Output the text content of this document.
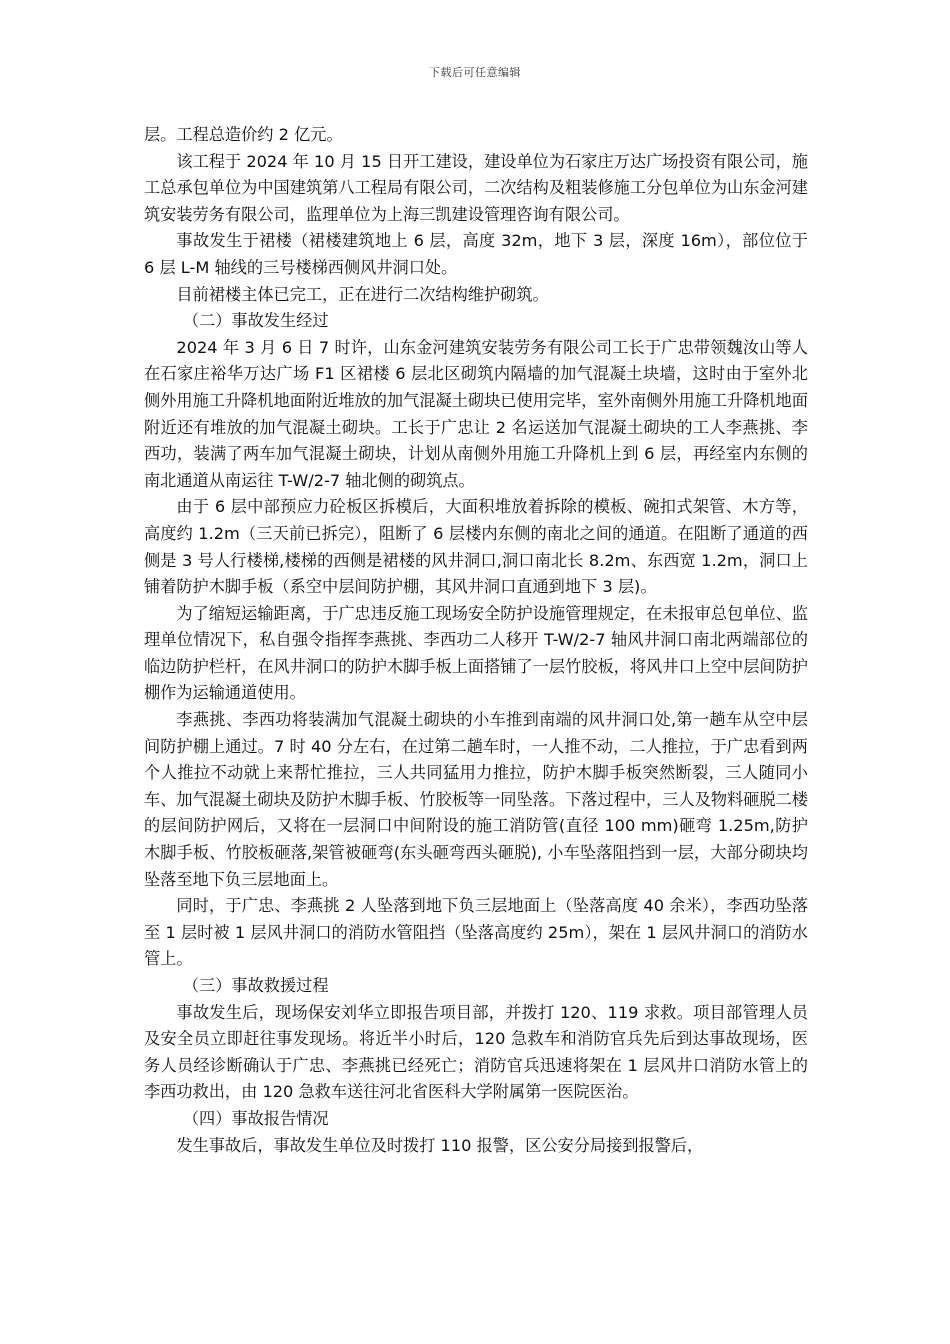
下载后可任意编辑

层。工程总造价约 2 亿元。

该工程于 2024 年 10 月 15 日开工建设，建设单位为石家庄万达广场投资有限公司，施工总承包单位为中国建筑第八工程局有限公司，二次结构及粗装修施工分包单位为山东金河建筑安装劳务有限公司，监理单位为上海三凯建设管理咨询有限公司。

事故发生于裙楼（裙楼建筑地上 6 层，高度 32m，地下 3 层，深度 16m），部位位于 6 层 L-M 轴线的三号楼梯西侧风井洞口处。

目前裙楼主体已完工，正在进行二次结构维护砌筑。

（二）事故发生经过

2024 年 3 月 6 日 7 时许，山东金河建筑安装劳务有限公司工长于广忠带领魏汝山等人在石家庄裕华万达广场 F1 区裙楼 6 层北区砌筑内隔墙的加气混凝土块墙，这时由于室外北侧外用施工升降机地面附近堆放的加气混凝土砌块已使用完毕，室外南侧外用施工升降机地面附近还有堆放的加气混凝土砌块。工长于广忠让 2 名运送加气混凝土砌块的工人李燕挑、李西功，装满了两车加气混凝土砌块，计划从南侧外用施工升降机上到 6 层，再经室内东侧的南北通道从南运往 T-W/2-7 轴北侧的砌筑点。

由于 6 层中部预应力砼板区拆模后，大面积堆放着拆除的模板、碗扣式架管、木方等，高度约 1.2m（三天前已拆完），阻断了 6 层楼内东侧的南北之间的通道。在阻断了通道的西侧是 3 号人行楼梯,楼梯的西侧是裙楼的风井洞口,洞口南北长 8.2m、东西宽 1.2m，洞口上铺着防护木脚手板（系空中层间防护棚，其风井洞口直通到地下 3 层)。

为了缩短运输距离，于广忠违反施工现场安全防护设施管理规定，在未报审总包单位、监理单位情况下，私自强令指挥李燕挑、李西功二人移开 T-W/2-7 轴风井洞口南北两端部位的临边防护栏杆，在风井洞口的防护木脚手板上面搭铺了一层竹胶板，将风井口上空中层间防护棚作为运输通道使用。

李燕挑、李西功将装满加气混凝土砌块的小车推到南端的风井洞口处,第一趟车从空中层间防护棚上通过。7 时 40 分左右，在过第二趟车时，一人推不动，二人推拉，于广忠看到两个人推拉不动就上来帮忙推拉，三人共同猛用力推拉，防护木脚手板突然断裂，三人随同小车、加气混凝土砌块及防护木脚手板、竹胶板等一同坠落。下落过程中，三人及物料砸脱二楼的层间防护网后，又将在一层洞口中间附设的施工消防管(直径 100 mm)砸弯 1.25m,防护木脚手板、竹胶板砸落,架管被砸弯(东头砸弯西头砸脱), 小车坠落阻挡到一层，大部分砌块均坠落至地下负三层地面上。

同时，于广忠、李燕挑 2 人坠落到地下负三层地面上（坠落高度 40 余米），李西功坠落至 1 层时被 1 层风井洞口的消防水管阻挡（坠落高度约 25m），架在 1 层风井洞口的消防水管上。

（三）事故救援过程

事故发生后，现场保安刘华立即报告项目部，并拨打 120、119 求救。项目部管理人员及安全员立即赶往事发现场。将近半小时后，120 急救车和消防官兵先后到达事故现场，医务人员经诊断确认于广忠、李燕挑已经死亡；消防官兵迅速将架在 1 层风井口消防水管上的李西功救出，由 120 急救车送往河北省医科大学附属第一医院医治。

（四）事故报告情况

发生事故后，事故发生单位及时拨打 110 报警，区公安分局接到报警后，
